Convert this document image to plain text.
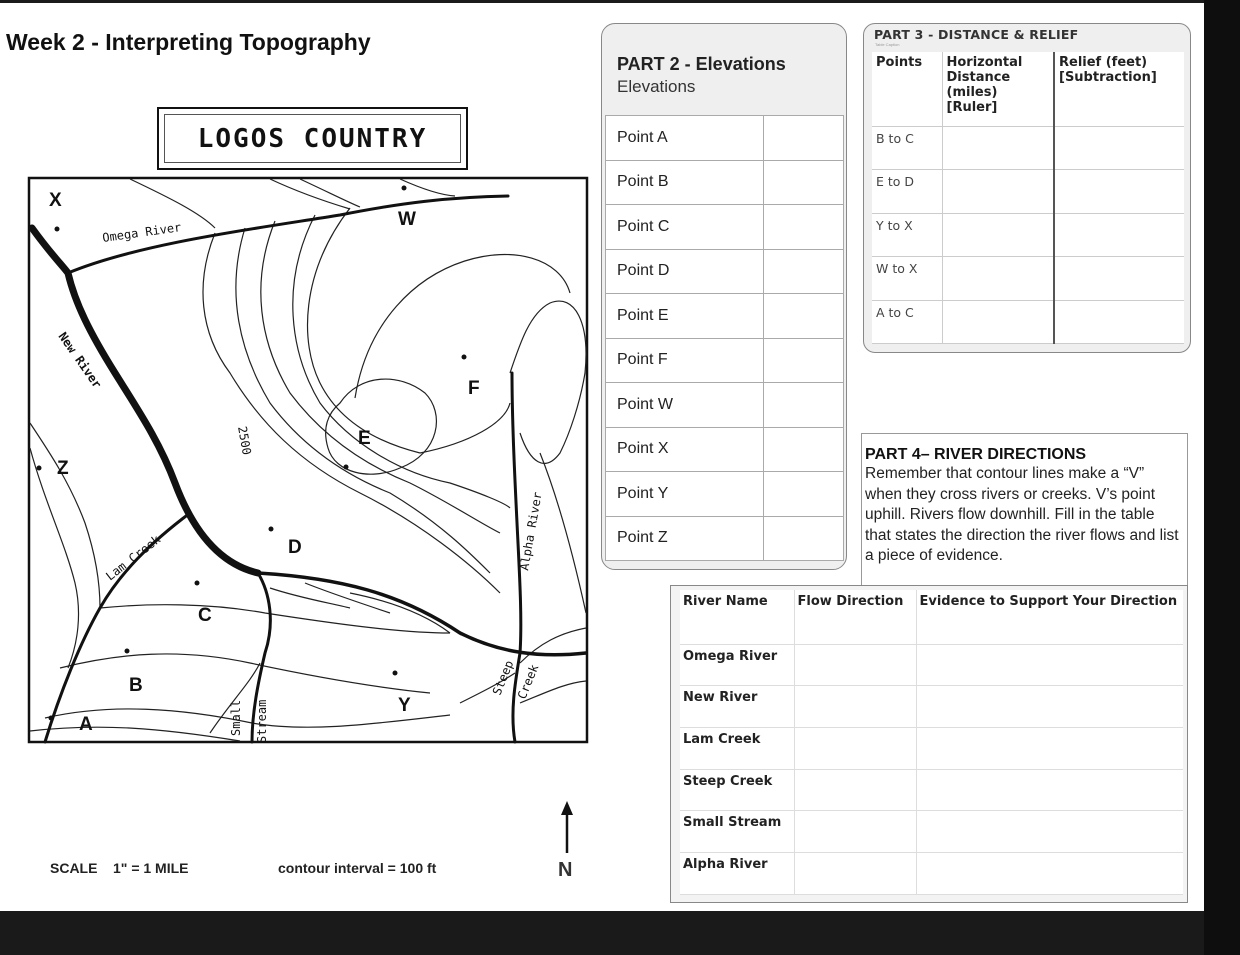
Week 2 - Interpreting Topography
X
W
F
E
Z
D
C
B
A
Y
Omega River
New River
Lam Creek	Alpha River
Small Stream
Steep
Creek
2500
LOGOS COUNTRY
SCALE    1" = 1 MILE	contour interval = 100 ft	N
PART 2 - Elevations
Elevations
Point A	
Point B	
Point C	
Point D	
Point E	
Point F	
Point W	
Point X	
Point Y	
Point Z	
PART 3 - DISTANCE & RELIEF
Table Caption
Points	Horizontal Distance (miles) [Ruler]	Relief (feet) [Subtraction]
B to C		
E to D		
Y to X		
W to X		
A to C		
PART 4– RIVER DIRECTIONS
Remember that contour lines make a “V” when they cross rivers or creeks. V’s point uphill. Rivers flow downhill. Fill in the table that states the direction the river flows and list a piece of evidence.
River Name	Flow Direction	Evidence to Support Your Direction
Omega River		
New River		
Lam Creek		
Steep Creek		
Small Stream		
Alpha River		
